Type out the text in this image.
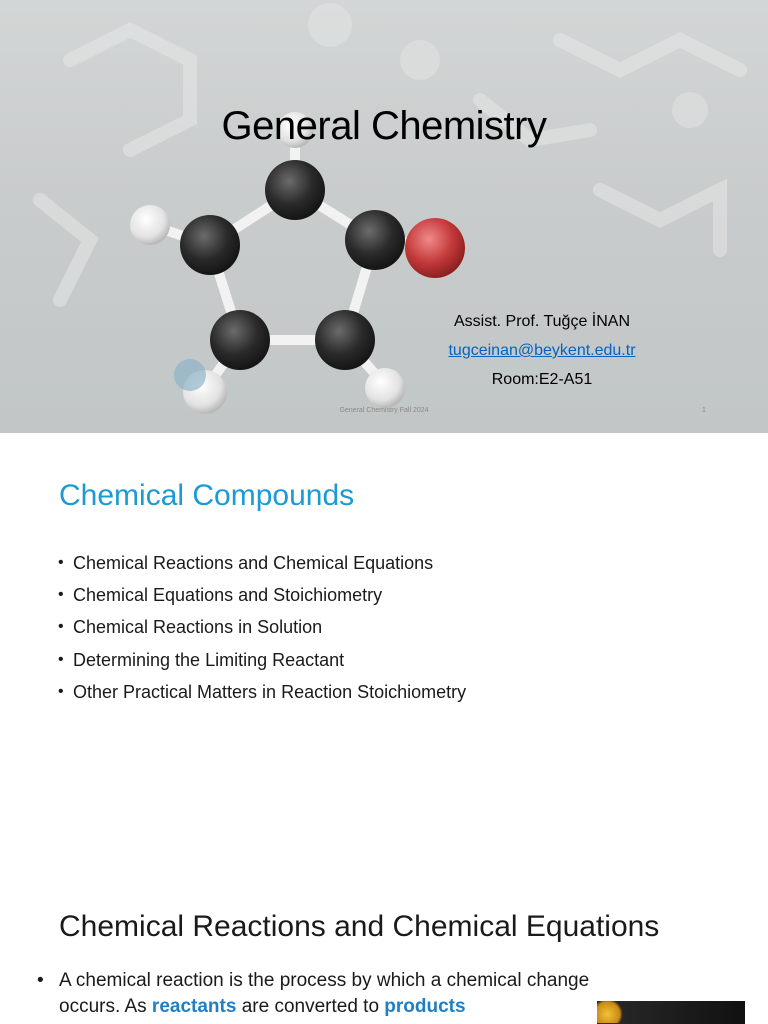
General Chemistry
Assist. Prof. Tuğçe İNAN
tugceinan@beykent.edu.tr
Room:E2-A51
General Chemistry Fall 2024	1
Chemical Compounds
• Chemical Reactions and Chemical Equations
• Chemical Equations and Stoichiometry
• Chemical Reactions in Solution
• Determining the Limiting Reactant
• Other Practical Matters in Reaction Stoichiometry
Chemical Reactions and Chemical Equations
• A chemical reaction is the process by which a chemical change occurs. As reactants are converted to products
